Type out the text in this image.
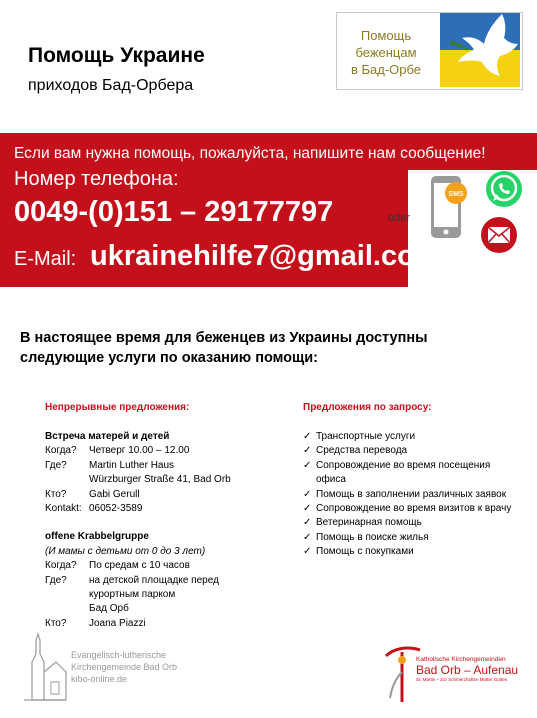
Помощь Украине
приходов Бад-Орбера
Помощь
беженцам
в Бад-Орбе
Если вам нужна помощь, пожалуйста, напишите нам сообщение!
Номер телефона:
0049-(0)151 – 29177797	oder
E-Mail: ukrainehilfe7@gmail.com
SMS
В настоящее время для беженцев из Украины доступны следующие услуги по оказанию помощи:
Непрерывные предложения:
Встреча матерей и детей
Когда?	Четверг 10.00 – 12.00
Где?	Martin Luther Haus
Würzburger Straße 41, Bad Orb
Кто?	Gabi Gerull
Kontakt: 06052-3589
offene Krabbelgruppe
(И мамы с детьми от 0 до 3 лет)
Когда?	По средам с 10 часов
Где?	на детской площадке перед
курортным парком
Бад Орб
Кто?	Joana Piazzi
Предложения по запросу:
✓ Транспортные услуги
✓ Средства перевода
✓ Сопровождение во время посещения офиса
✓ Помощь в заполнении различных заявок
✓ Сопровождение во время визитов к врачу
✓ Ветеринарная помощь
✓ Помощь в поиске жилья
✓ Помощь с покупками
Evangelisch-lutherische
Kirchengemeinde Bad Orb
kibo-online.de
Katholische Kirchengemeinden
Bad Orb – Aufenau
St. Martin – Zur Schmerzhaften Mutter Gottes
